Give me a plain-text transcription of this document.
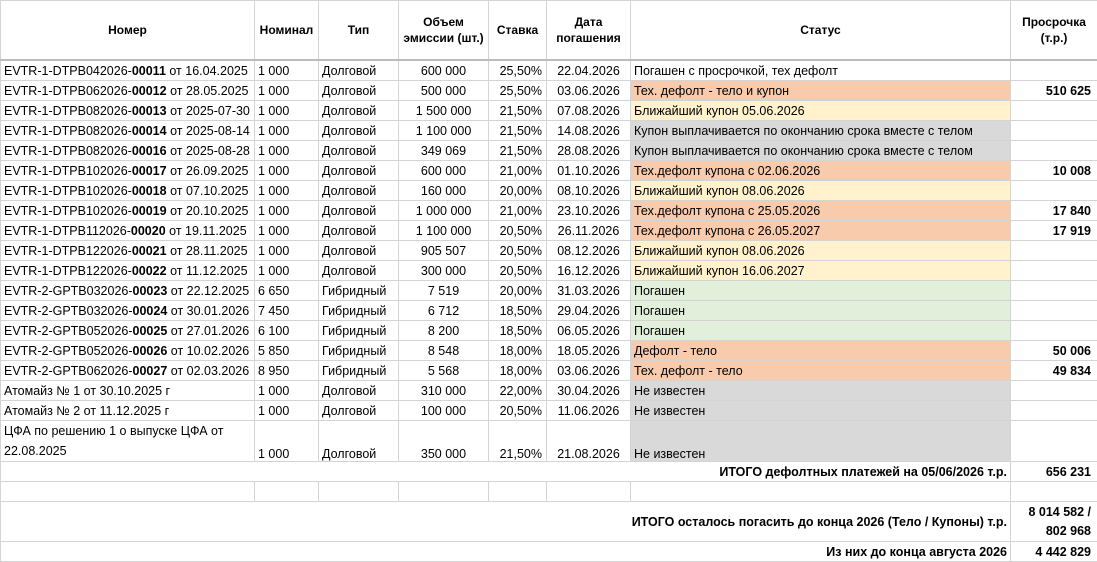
Номер	Номинал	Тип	Объем эмиссии (шт.)	Ставка	Дата погашения	Статус	Просрочка (т.р.)
EVTR-1-DTPB042026-00011 от 16.04.2025	1 000	Долговой	600 000	25,50%	22.04.2026	Погашен с просрочкой, тех дефолт	
EVTR-1-DTPB062026-00012 от 28.05.2025	1 000	Долговой	500 000	25,50%	03.06.2026	Тех. дефолт - тело и купон	510 625
EVTR-1-DTPB082026-00013 от 2025-07-30	1 000	Долговой	1 500 000	21,50%	07.08.2026	Ближайший купон 05.06.2026	
EVTR-1-DTPB082026-00014 от 2025-08-14	1 000	Долговой	1 100 000	21,50%	14.08.2026	Купон выплачивается по окончанию срока вместе с телом	
EVTR-1-DTPB082026-00016 от 2025-08-28	1 000	Долговой	349 069	21,50%	28.08.2026	Купон выплачивается по окончанию срока вместе с телом	
EVTR-1-DTPB102026-00017 от 26.09.2025	1 000	Долговой	600 000	21,00%	01.10.2026	Тех.дефолт купона с 02.06.2026	10 008
EVTR-1-DTPB102026-00018 от 07.10.2025	1 000	Долговой	160 000	20,00%	08.10.2026	Ближайший купон 08.06.2026	
EVTR-1-DTPB102026-00019 от 20.10.2025	1 000	Долговой	1 000 000	21,00%	23.10.2026	Тех.дефолт купона с 25.05.2026	17 840
EVTR-1-DTPB112026-00020 от 19.11.2025	1 000	Долговой	1 100 000	20,50%	26.11.2026	Тех.дефолт купона с 26.05.2027	17 919
EVTR-1-DTPB122026-00021 от 28.11.2025	1 000	Долговой	905 507	20,50%	08.12.2026	Ближайший купон 08.06.2026	
EVTR-1-DTPB122026-00022 от 11.12.2025	1 000	Долговой	300 000	20,50%	16.12.2026	Ближайший купон 16.06.2027	
EVTR-2-GPTB032026-00023 от 22.12.2025	6 650	Гибридный	7 519	20,00%	31.03.2026	Погашен	
EVTR-2-GPTB032026-00024 от 30.01.2026	7 450	Гибридный	6 712	18,50%	29.04.2026	Погашен	
EVTR-2-GPTB052026-00025 от 27.01.2026	6 100	Гибридный	8 200	18,50%	06.05.2026	Погашен	
EVTR-2-GPTB052026-00026 от 10.02.2026	5 850	Гибридный	8 548	18,00%	18.05.2026	Дефолт - тело	50 006
EVTR-2-GPTB062026-00027 от 02.03.2026	8 950	Гибридный	5 568	18,00%	03.06.2026	Тех. дефолт - тело	49 834
Атомайз № 1 от 30.10.2025 г	1 000	Долговой	310 000	22,00%	30.04.2026	Не известен	
Атомайз № 2 от 11.12.2025 г	1 000	Долговой	100 000	20,50%	11.06.2026	Не известен	

ЦФА по решению 1 о выпуске ЦФА от 22.08.2025	1 000	Долговой	350 000	21,50%	21.08.2026	Не известен	
ИТОГО дефолтных платежей на 05/06/2026 т.р.							656 231

ИТОГО осталось погасить до конца 2026 (Тело / Купоны) т.р.							8 014 582 / 802 968
Из них до конца августа 2026							4 442 829
